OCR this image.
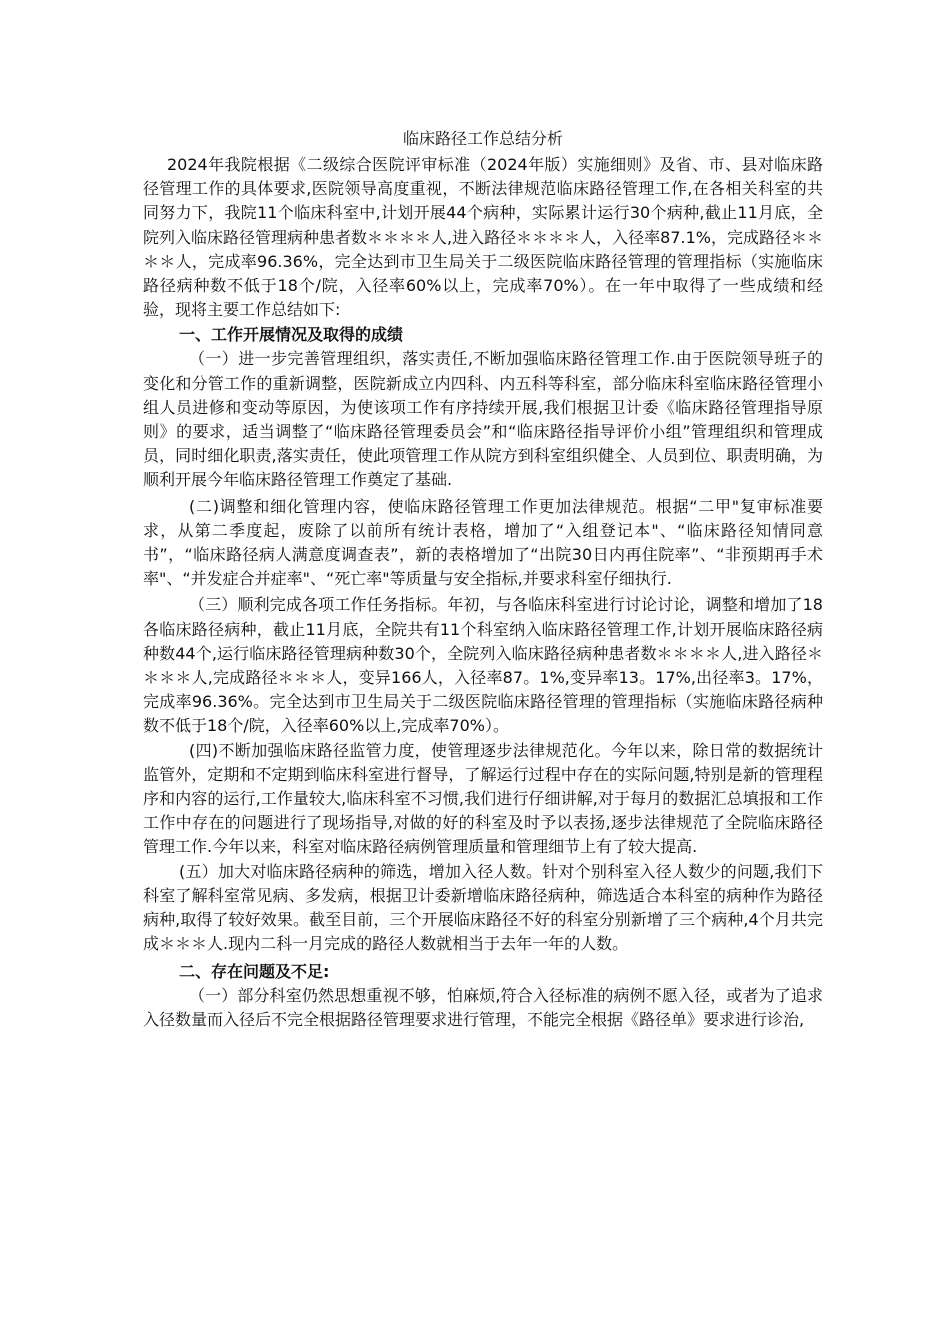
临床路径工作总结分析

2024年我院根据《二级综合医院评审标准（2024年版）实施细则》及省、市、县对临床路径管理工作的具体要求,医院领导高度重视，不断法律规范临床路径管理工作,在各相关科室的共同努力下，我院11个临床科室中,计划开展44个病种，实际累计运行30个病种,截止11月底，全院列入临床路径管理病种患者数＊＊＊＊人,进入路径＊＊＊＊人，入径率87.1%，完成路径＊＊＊＊人，完成率96.36%，完全达到市卫生局关于二级医院临床路径管理的管理指标（实施临床路径病种数不低于18个/院，入径率60%以上，完成率70%）。在一年中取得了一些成绩和经验，现将主要工作总结如下:

一、工作开展情况及取得的成绩

（一）进一步完善管理组织，落实责任,不断加强临床路径管理工作.由于医院领导班子的变化和分管工作的重新调整，医院新成立内四科、内五科等科室，部分临床科室临床路径管理小组人员进修和变动等原因，为使该项工作有序持续开展,我们根据卫计委《临床路径管理指导原则》的要求，适当调整了“临床路径管理委员会”和“临床路径指导评价小组”管理组织和管理成员，同时细化职责,落实责任，使此项管理工作从院方到科室组织健全、人员到位、职责明确，为顺利开展今年临床路径管理工作奠定了基础.

(二)调整和细化管理内容，使临床路径管理工作更加法律规范。根据“二甲"复审标准要求，从第二季度起，废除了以前所有统计表格，增加了“入组登记本"、“临床路径知情同意书”，“临床路径病人满意度调查表”，新的表格增加了“出院30日内再住院率”、“非预期再手术率"、“并发症合并症率"、“死亡率"等质量与安全指标,并要求科室仔细执行.

（三）顺利完成各项工作任务指标。年初，与各临床科室进行讨论讨论，调整和增加了18各临床路径病种，截止11月底，全院共有11个科室纳入临床路径管理工作,计划开展临床路径病种数44个,运行临床路径管理病种数30个，全院列入临床路径病种患者数＊＊＊＊人,进入路径＊＊＊＊人,完成路径＊＊＊人，变异166人，入径率87。1%,变异率13。17%,出径率3。17%，完成率96.36%。完全达到市卫生局关于二级医院临床路径管理的管理指标（实施临床路径病种数不低于18个/院，入径率60%以上,完成率70%）。

(四)不断加强临床路径监管力度，使管理逐步法律规范化。今年以来，除日常的数据统计监管外，定期和不定期到临床科室进行督导，了解运行过程中存在的实际问题,特别是新的管理程序和内容的运行,工作量较大,临床科室不习惯,我们进行仔细讲解,对于每月的数据汇总填报和工作工作中存在的问题进行了现场指导,对做的好的科室及时予以表扬,逐步法律规范了全院临床路径管理工作.今年以来，科室对临床路径病例管理质量和管理细节上有了较大提高.

(五）加大对临床路径病种的筛选，增加入径人数。针对个别科室入径人数少的问题,我们下科室了解科室常见病、多发病，根据卫计委新增临床路径病种，筛选适合本科室的病种作为路径病种,取得了较好效果。截至目前，三个开展临床路径不好的科室分别新增了三个病种,4个月共完成＊＊＊人.现内二科一月完成的路径人数就相当于去年一年的人数。

二、存在问题及不足:

（一）部分科室仍然思想重视不够，怕麻烦,符合入径标准的病例不愿入径，或者为了追求入径数量而入径后不完全根据路径管理要求进行管理，不能完全根据《路径单》要求进行诊治,
